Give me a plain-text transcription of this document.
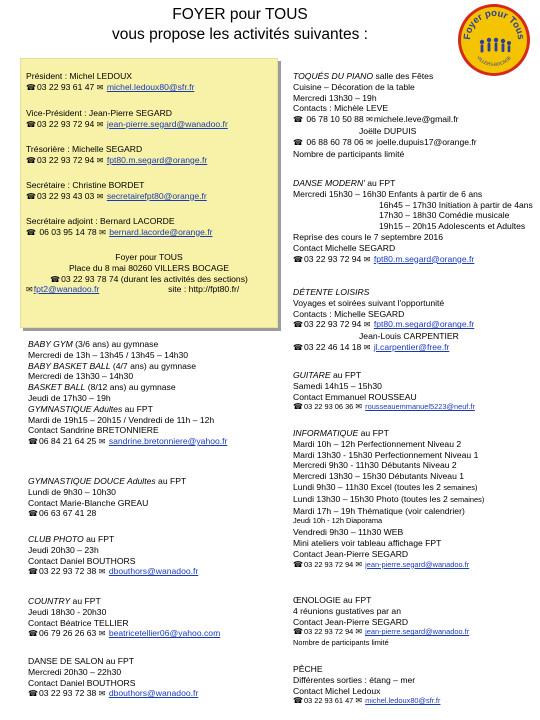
FOYER pour TOUS
vous propose les activités suivantes :	Foyer pour Tous
VILLERS-BOCAGE
Président : Michel LEDOUX
☎03 22 93 61 47 ✉ michel.ledoux80@sfr.fr
Vice-Président : Jean-Pierre SEGARD
☎03 22 93 72 94 ✉ jean-pierre.segard@wanadoo.fr
Trésorière : Michelle SEGARD
☎03 22 93 72 94 ✉ fpt80.m.segard@orange.fr
Secrétaire : Christine BORDET
☎03 22 93 43 03 ✉ secretairefpt80@orange.fr
Secrétaire adjoint : Bernard LACORDE
☎ 06 03 95 14 78 ✉ bernard.lacorde@orange.fr
Foyer pour TOUS
Place du 8 mai 80260 VILLERS BOCAGE
☎03 22 93 78 74 (durant les activités des sections)
✉fpt2@wanadoo.fr	site : http://fpt80.fr/
BABY GYM (3/6 ans) au gymnase
Mercredi de 13h – 13h45 / 13h45 – 14h30
BABY BASKET BALL (4/7 ans) au gymnase
Mercredi de 13h30 – 14h30
BASKET BALL (8/12 ans) au gymnase
Jeudi de 17h30 – 19h
GYMNASTIQUE Adultes au FPT
Mardi de 19h15 – 20h15 / Vendredi de 11h – 12h
Contact Sandrine BRETONNIERE
☎06 84 21 64 25 ✉ sandrine.bretonniere@yahoo.fr
GYMNASTIQUE DOUCE Adultes au FPT
Lundi de 9h30 – 10h30
Contact Marie-Blanche GREAU
☎06 63 67 41 28
CLUB PHOTO au FPT
Jeudi 20h30 – 23h
Contact Daniel BOUTHORS
☎03 22 93 72 38 ✉ dbouthors@wanadoo.fr
COUNTRY au FPT
Jeudi 18h30 - 20h30
Contact Béatrice TELLIER
☎06 79 26 26 63 ✉ beatricetellier06@yahoo.com
DANSE DE SALON au FPT
Mercredi 20h30 – 22h30
Contact Daniel BOUTHORS
☎03 22 93 72 38 ✉ dbouthors@wanadoo.fr
TOQUÉS DU PIANO salle des Fêtes
Cuisine – Décoration de la table
Mercredi 13h30 – 19h
Contacts : Michèle LEVE
☎ 06 78 10 50 88 ✉michele.leve@gmail.fr
Joëlle DUPUIS
☎ 06 88 60 78 06 ✉ joelle.dupuis17@orange.fr
Nombre de participants limité
DANSE MODERN' au FPT
Mercredi 15h30 – 16h30 Enfants à partir de 6 ans
16h45 – 17h30 Initiation à partir de 4ans
17h30 – 18h30 Comédie musicale
19h15 – 20h15 Adolescents et Adultes
Reprise des cours le 7 septembre 2016
Contact Michelle SEGARD
☎03 22 93 72 94 ✉ fpt80.m.segard@orange.fr
DÉTENTE LOISIRS
Voyages et soirées suivant l'opportunité
Contacts : Michelle SEGARD
☎03 22 93 72 94 ✉ fpt80.m.segard@orange.fr
Jean-Louis CARPENTIER
☎03 22 46 14 18 ✉ jl.carpentier@free.fr
GUITARE au FPT
Samedi 14h15 – 15h30
Contact Emmanuel ROUSSEAU
☎03 22 93 06 36 ✉ rousseauemmanuel5223@neuf.fr
INFORMATIQUE au FPT
Mardi 10h – 12h Perfectionnement Niveau 2
Mardi 13h30 - 15h30 Perfectionnement Niveau 1
Mercredi 9h30 - 11h30 Débutants Niveau 2
Mercredi 13h30 – 15h30 Débutants Niveau 1
Lundi 9h30 – 11h30 Excel (toutes les 2 semaines)
Lundi 13h30 – 15h30 Photo (toutes les 2 semaines)
Mardi 17h – 19h Thématique (voir calendrier)
Jeudi 10h - 12h Diaporama
Vendredi 9h30 – 11h30 WEB
Mini ateliers voir tableau affichage FPT
Contact Jean-Pierre SEGARD
☎03 22 93 72 94 ✉ jean-pierre.segard@wanadoo.fr
ŒNOLOGIE au FPT
4 réunions gustatives par an
Contact Jean-Pierre SEGARD
☎03 22 93 72 94 ✉ jean-pierre.segard@wanadoo.fr
Nombre de participants limité
PÊCHE
Différentes sorties : étang – mer
Contact Michel Ledoux
☎03 22 93 61 47 ✉ michel.ledoux80@sfr.fr
